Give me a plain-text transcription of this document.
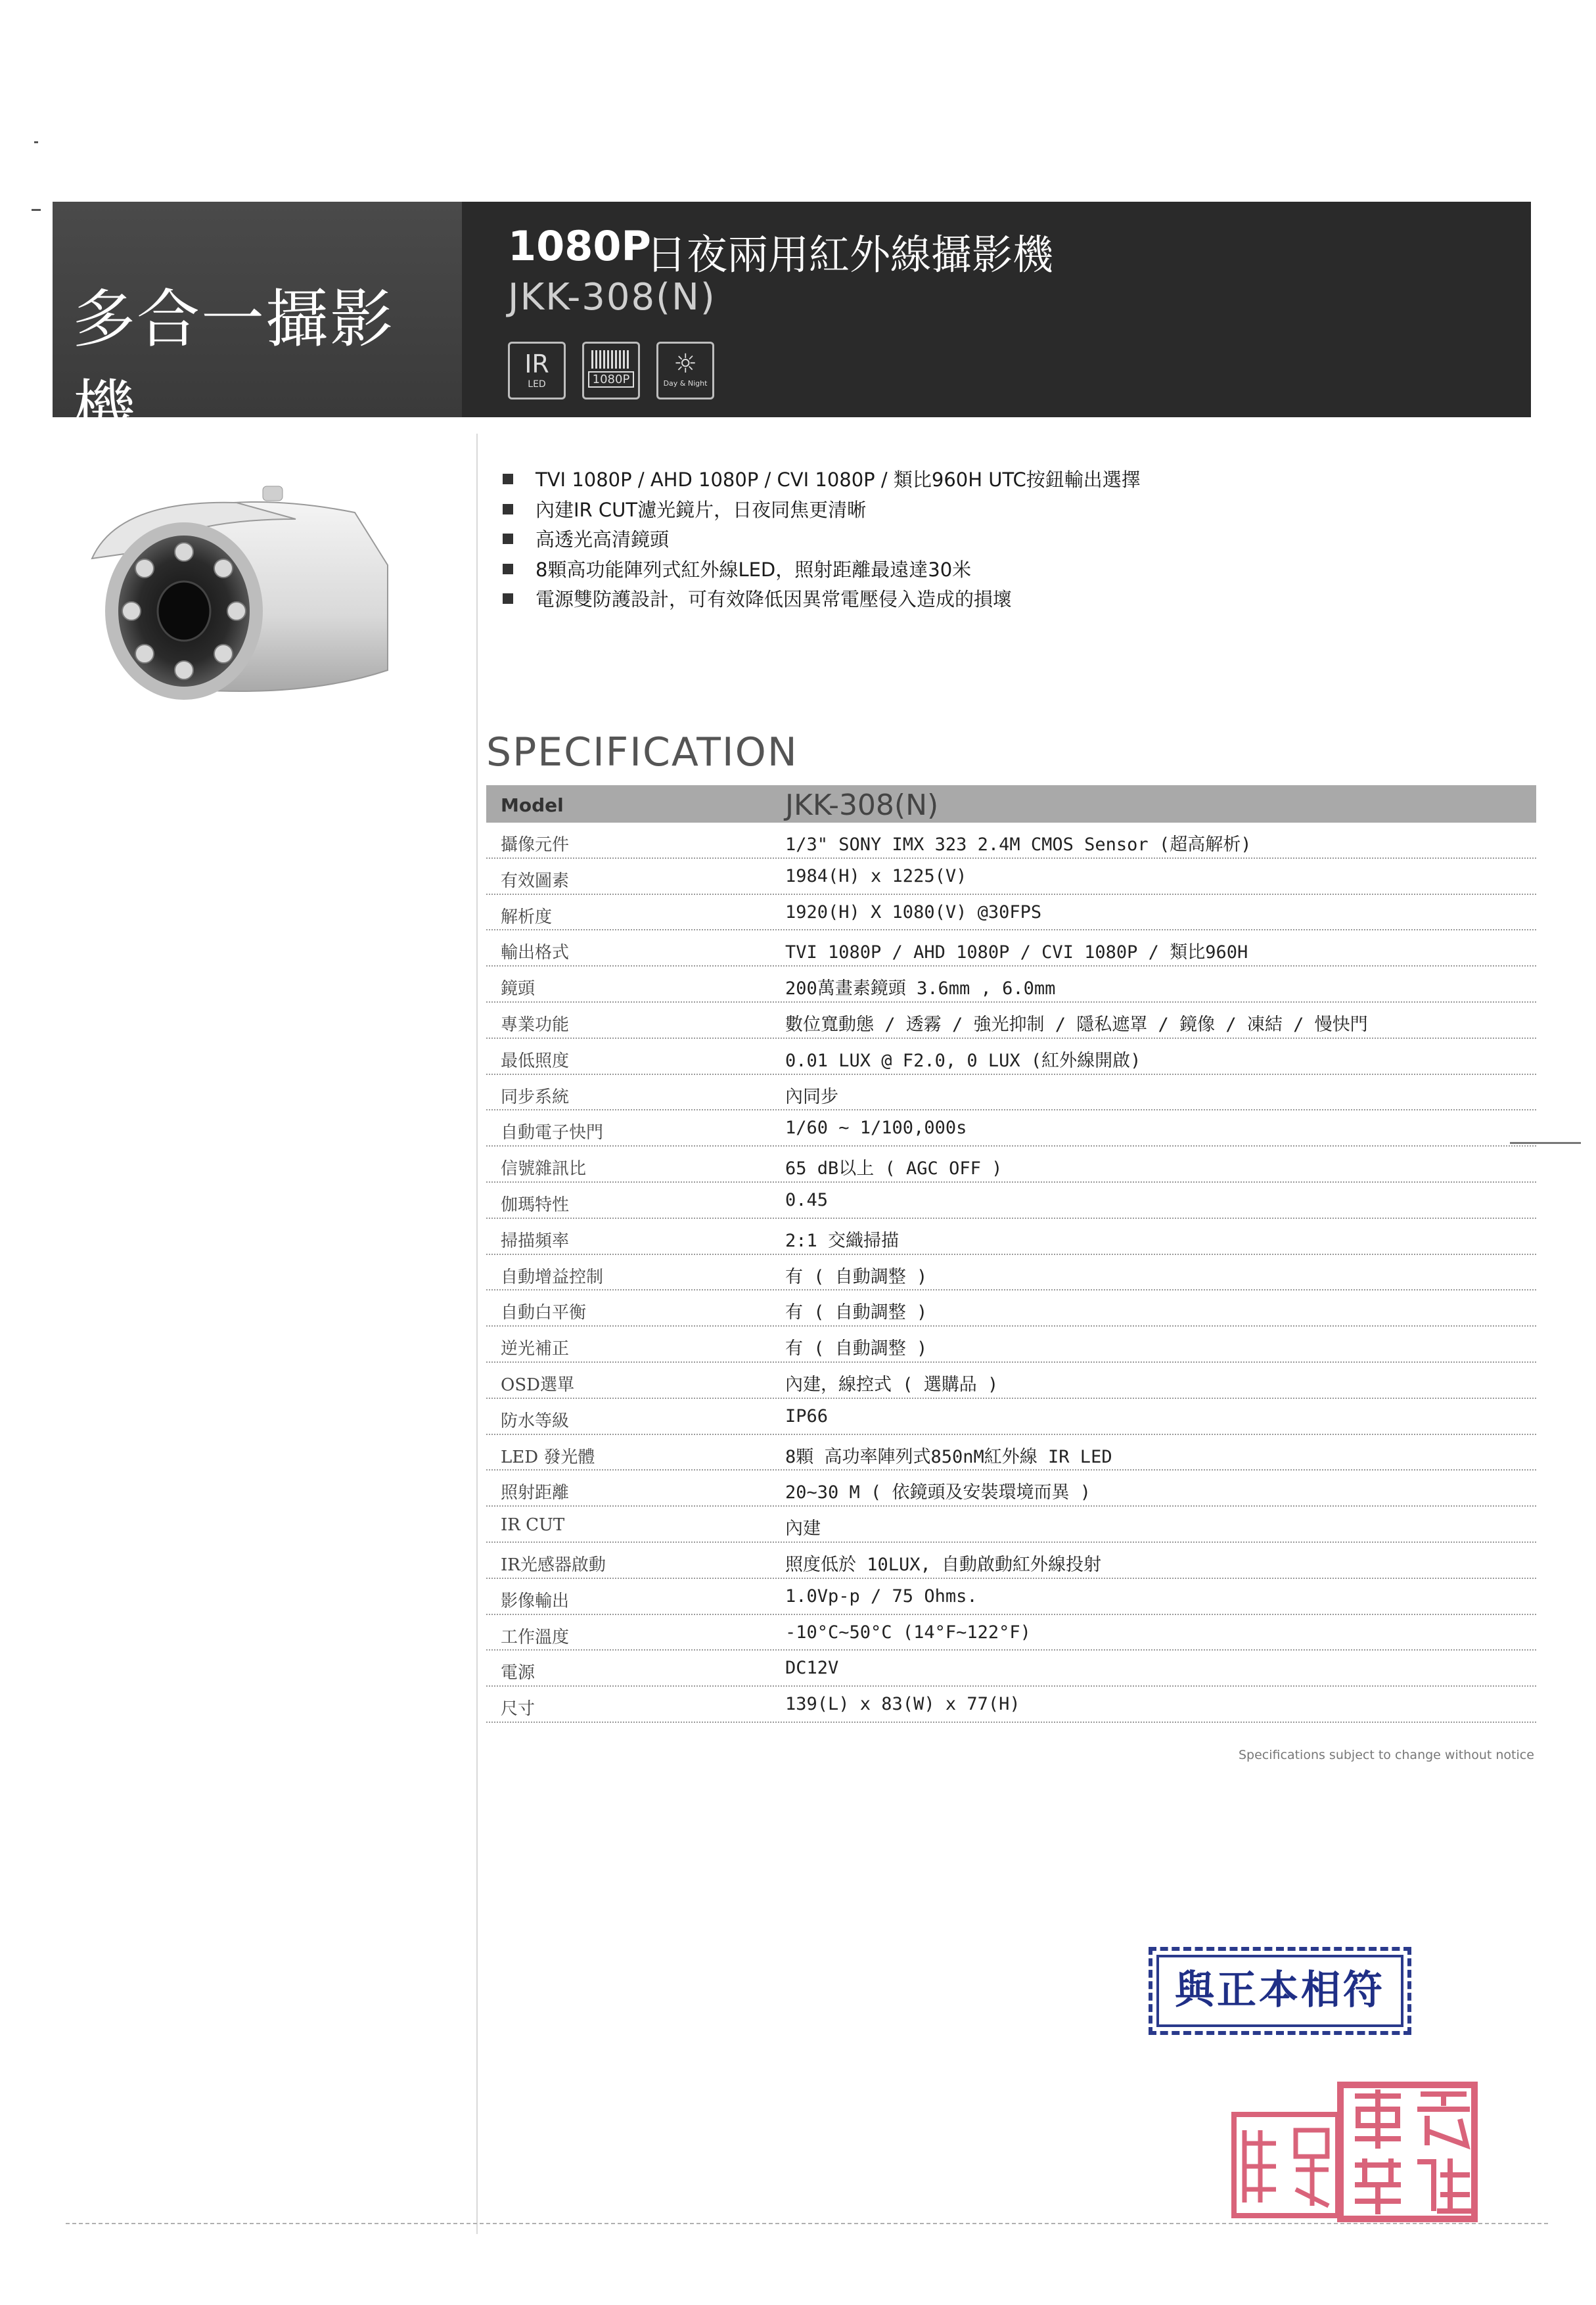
多合一攝影機
1080P
日夜兩用紅外線攝影機
JKK-308(N)
IR
LED	1080P
☼
Day & Night
TVI 1080P / AHD 1080P / CVI 1080P / 類比960H UTC按鈕輸出選擇
內建IR CUT濾光鏡片，日夜同焦更清晰
高透光高清鏡頭
8顆高功能陣列式紅外線LED，照射距離最遠達30米
電源雙防護設計，可有效降低因異常電壓侵入造成的損壞
SPECIFICATION
Model	JKK-308(N)
攝像元件	1/3" SONY IMX 323 2.4M CMOS Sensor (超高解析)
有效圖素	1984(H) x 1225(V)
解析度	1920(H) X 1080(V) @30FPS
輸出格式	TVI 1080P / AHD 1080P / CVI 1080P / 類比960H
鏡頭	200萬畫素鏡頭 3.6mm , 6.0mm
專業功能	數位寬動態 / 透霧 / 強光抑制 / 隱私遮罩 / 鏡像 / 凍結 / 慢快門
最低照度	0.01 LUX @ F2.0, 0 LUX (紅外線開啟)
同步系統	內同步
自動電子快門	1/60 ~ 1/100,000s
信號雜訊比	65 dB以上 ( AGC OFF )
伽瑪特性	0.45
掃描頻率	2:1 交織掃描
自動增益控制	有 ( 自動調整 )
自動白平衡	有 ( 自動調整 )
逆光補正	有 ( 自動調整 )
OSD選單	內建，線控式 ( 選購品 )
防水等級	IP66
LED 發光體	8顆 高功率陣列式850nM紅外線 IR LED
照射距離	20~30 M ( 依鏡頭及安裝環境而異 )
IR CUT	內建
IR光感器啟動	照度低於 10LUX, 自動啟動紅外線投射
影像輸出	1.0Vp-p / 75 Ohms.
工作溫度	-10°C~50°C (14°F~122°F)
電源	DC12V
尺寸	139(L) x 83(W) x 77(H)
Specifications subject to change without notice
與正本相符
